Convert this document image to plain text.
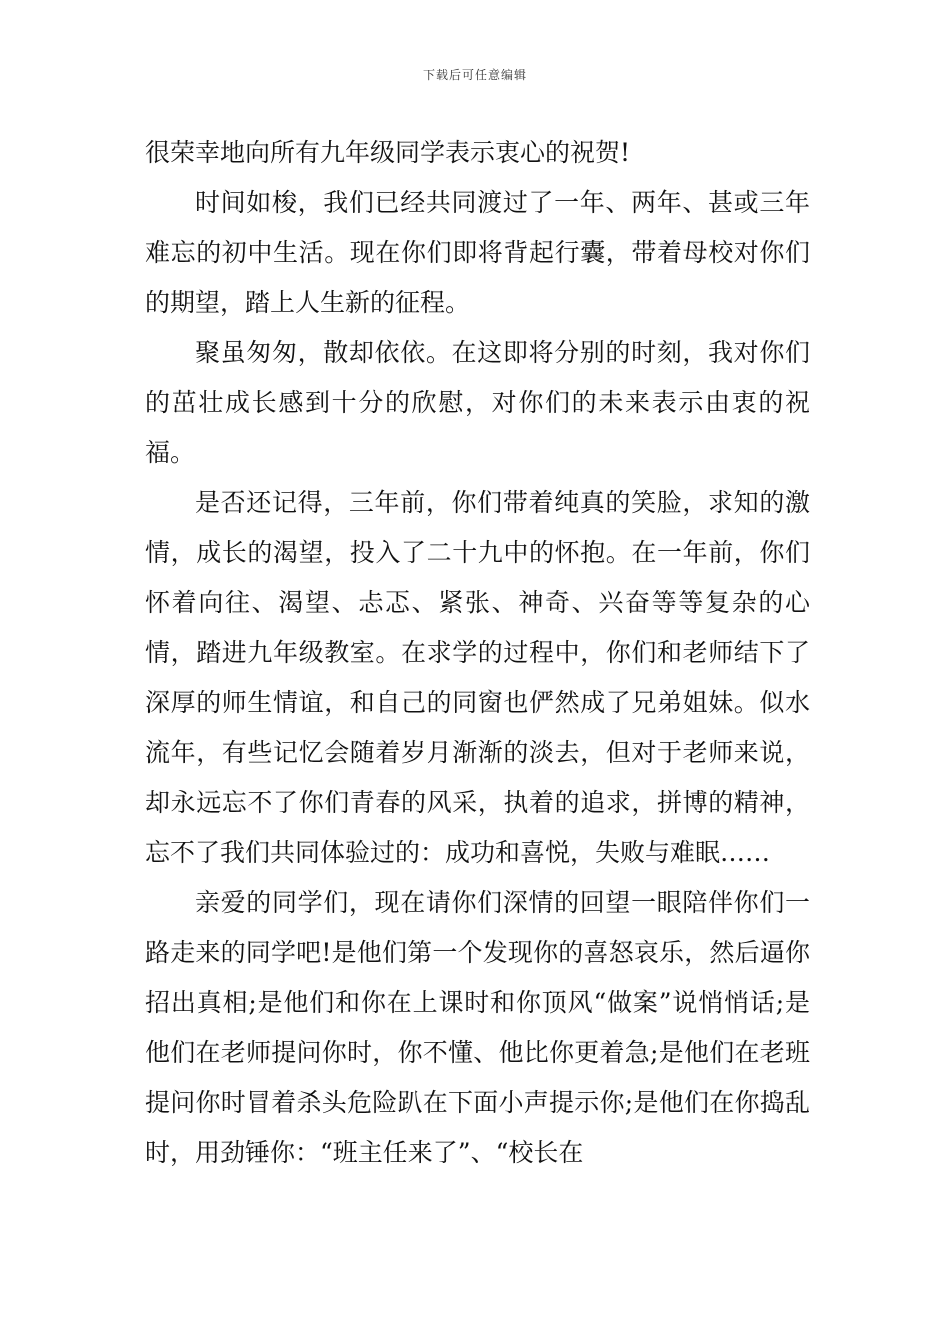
下载后可任意编辑

很荣幸地向所有九年级同学表示衷心的祝贺!

时间如梭，我们已经共同渡过了一年、两年、甚或三年难忘的初中生活。现在你们即将背起行囊，带着母校对你们的期望，踏上人生新的征程。

聚虽匆匆，散却依依。在这即将分别的时刻，我对你们的茁壮成长感到十分的欣慰，对你们的未来表示由衷的祝福。

是否还记得，三年前，你们带着纯真的笑脸，求知的激情，成长的渴望，投入了二十九中的怀抱。在一年前，你们怀着向往、渴望、忐忑、紧张、神奇、兴奋等等复杂的心情，踏进九年级教室。在求学的过程中，你们和老师结下了深厚的师生情谊，和自己的同窗也俨然成了兄弟姐妹。似水流年，有些记忆会随着岁月渐渐的淡去，但对于老师来说，却永远忘不了你们青春的风采，执着的追求，拼博的精神，忘不了我们共同体验过的：成功和喜悦，失败与难眠……

亲爱的同学们，现在请你们深情的回望一眼陪伴你们一路走来的同学吧!是他们第一个发现你的喜怒哀乐，然后逼你招出真相;是他们和你在上课时和你顶风“做案”说悄悄话;是他们在老师提问你时，你不懂、他比你更着急;是他们在老班提问你时冒着杀头危险趴在下面小声提示你;是他们在你捣乱时，用劲锤你：“班主任来了”、“校长在
